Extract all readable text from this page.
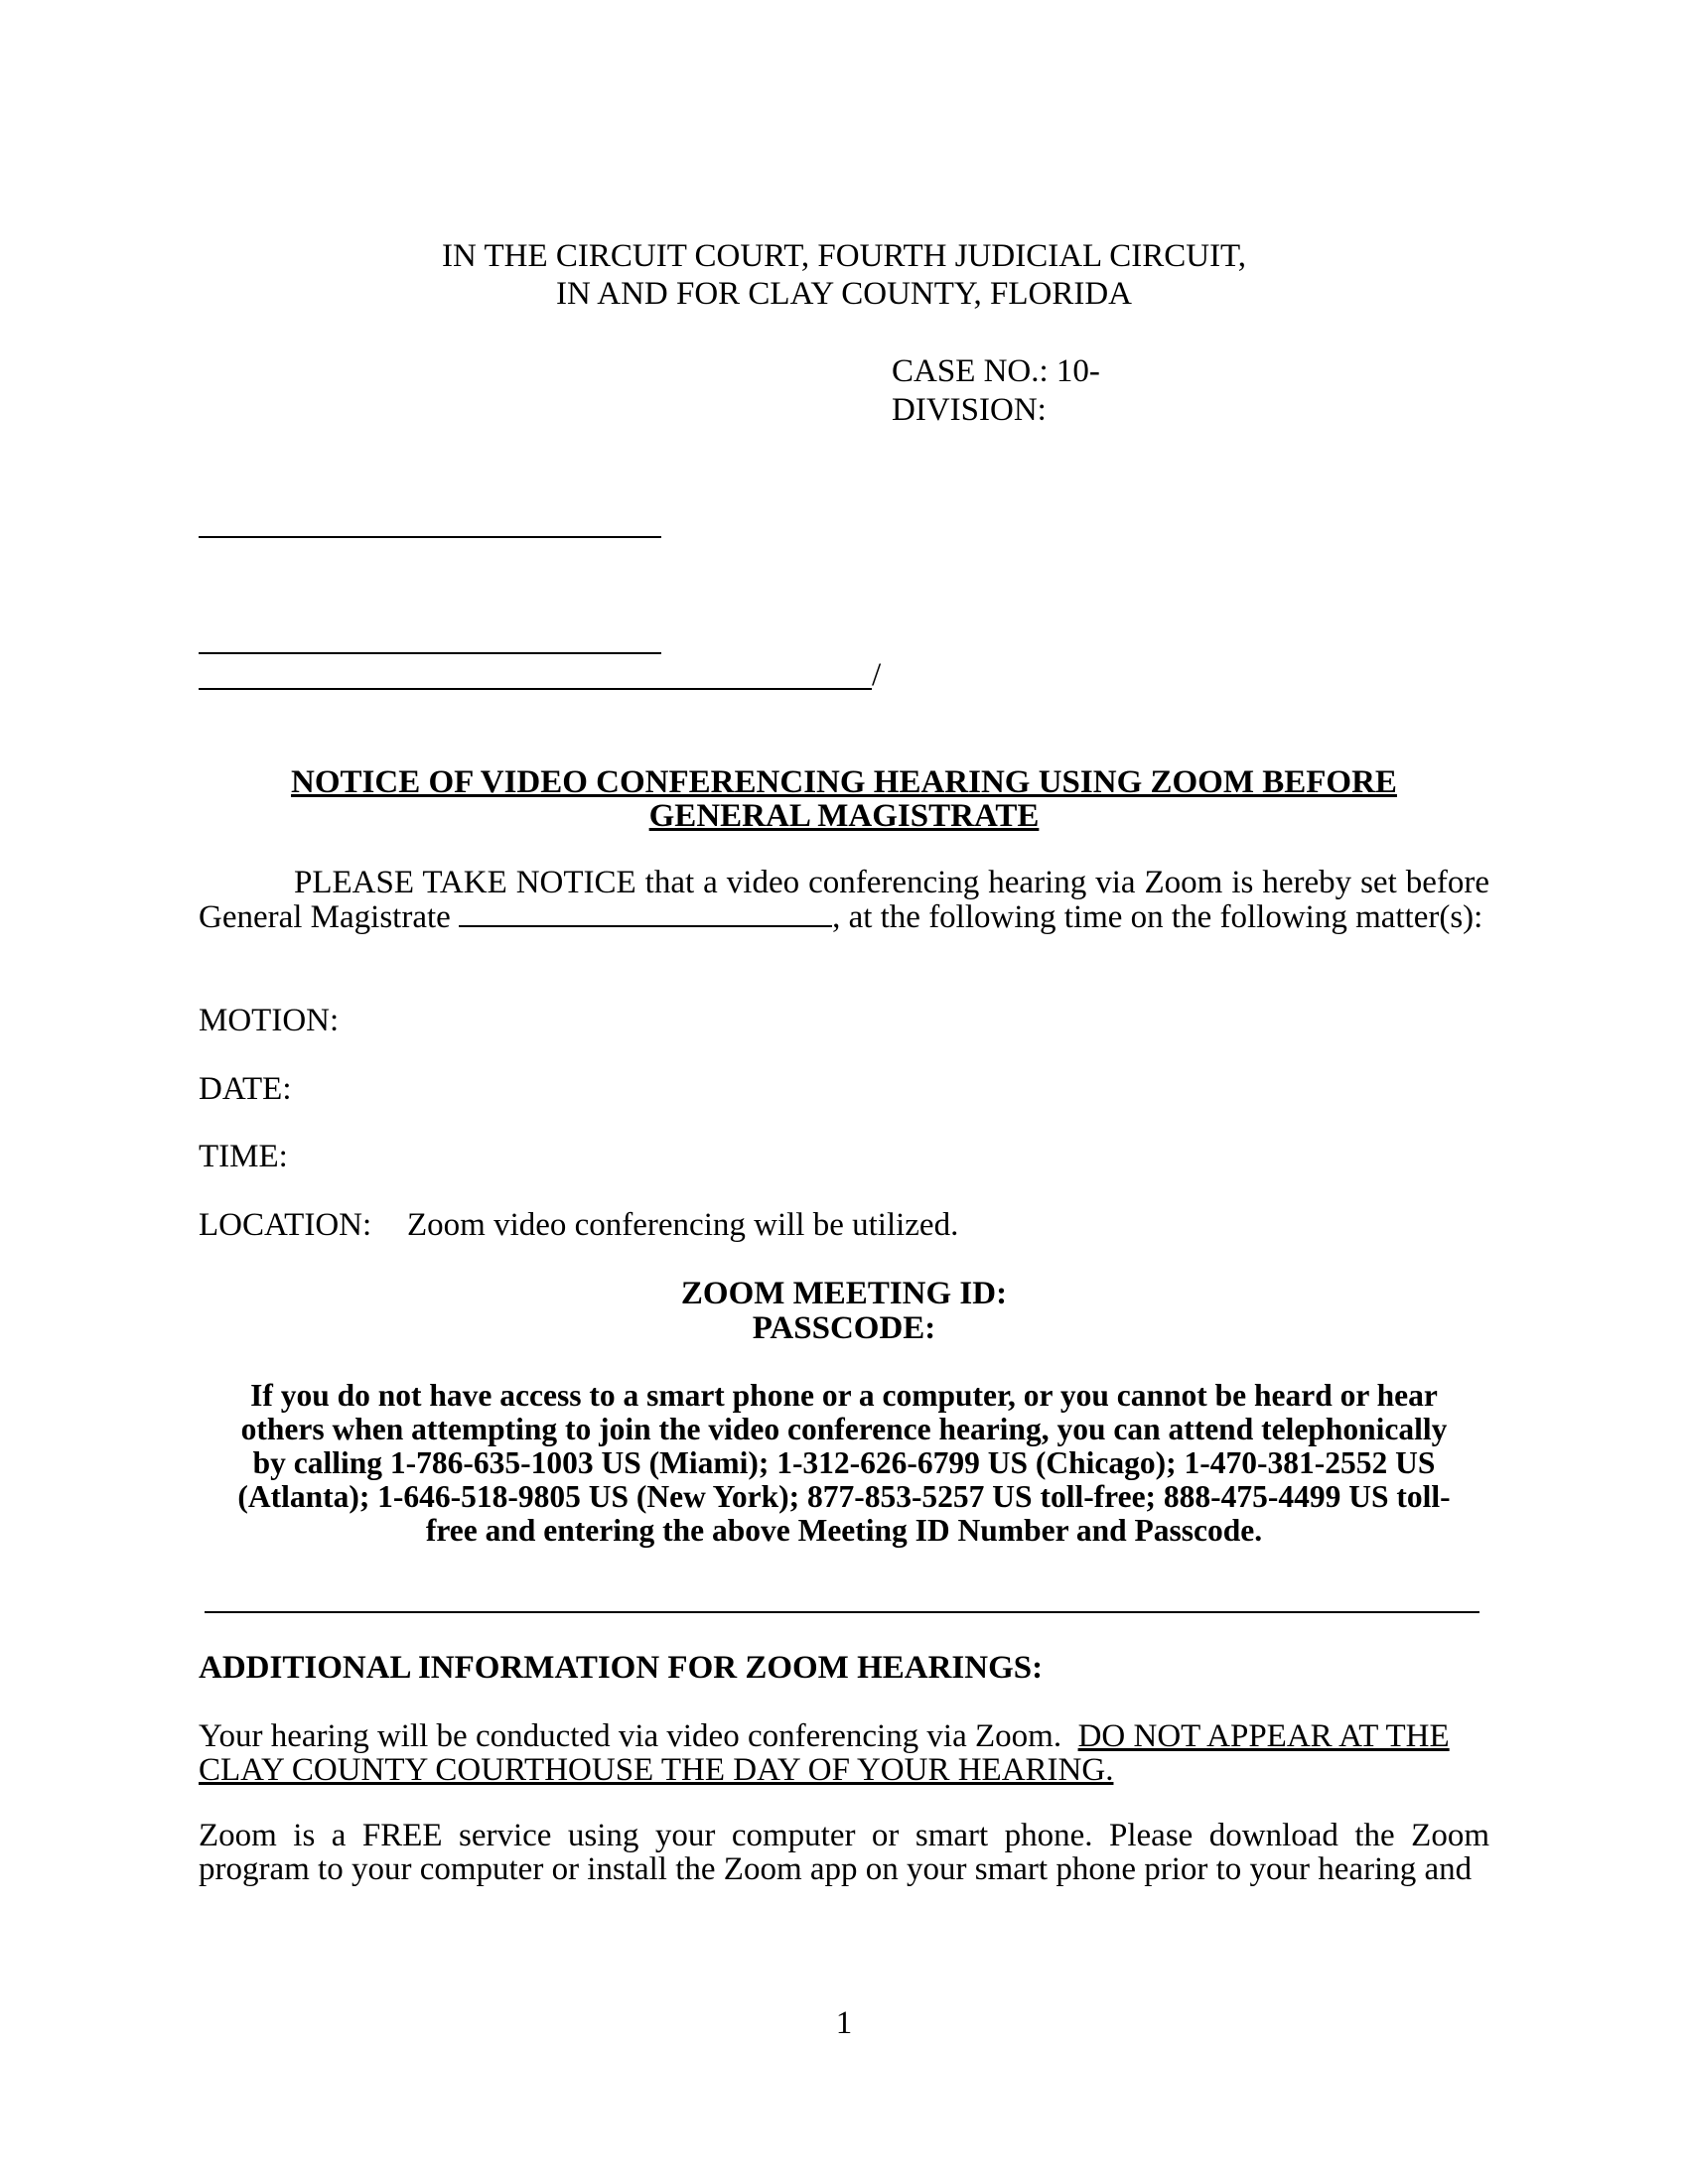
IN THE CIRCUIT COURT, FOURTH JUDICIAL CIRCUIT,
IN AND FOR CLAY COUNTY, FLORIDA
CASE NO.: 10-
DIVISION:
/
NOTICE OF VIDEO CONFERENCING HEARING USING ZOOM BEFORE
GENERAL MAGISTRATE
PLEASE TAKE NOTICE that a video conferencing hearing via Zoom is hereby set before General Magistrate	, at the following time on the following matter(s):
MOTION:
DATE:
TIME:
LOCATION: Zoom video conferencing will be utilized.
ZOOM MEETING ID:
PASSCODE:
If you do not have access to a smart phone or a computer, or you cannot be heard or hear
others when attempting to join the video conference hearing, you can attend telephonically
by calling 1-786-635-1003 US (Miami); 1-312-626-6799 US (Chicago); 1-470-381-2552 US
(Atlanta); 1-646-518-9805 US (New York); 877-853-5257 US toll-free; 888-475-4499 US toll-
free and entering the above Meeting ID Number and Passcode.
ADDITIONAL INFORMATION FOR ZOOM HEARINGS:
Your hearing will be conducted via video conferencing via Zoom. DO NOT APPEAR AT THE
CLAY COUNTY COURTHOUSE THE DAY OF YOUR HEARING.
Zoom is a FREE service using your computer or smart phone. Please download the Zoom program to your computer or install the Zoom app on your smart phone prior to your hearing and
1
